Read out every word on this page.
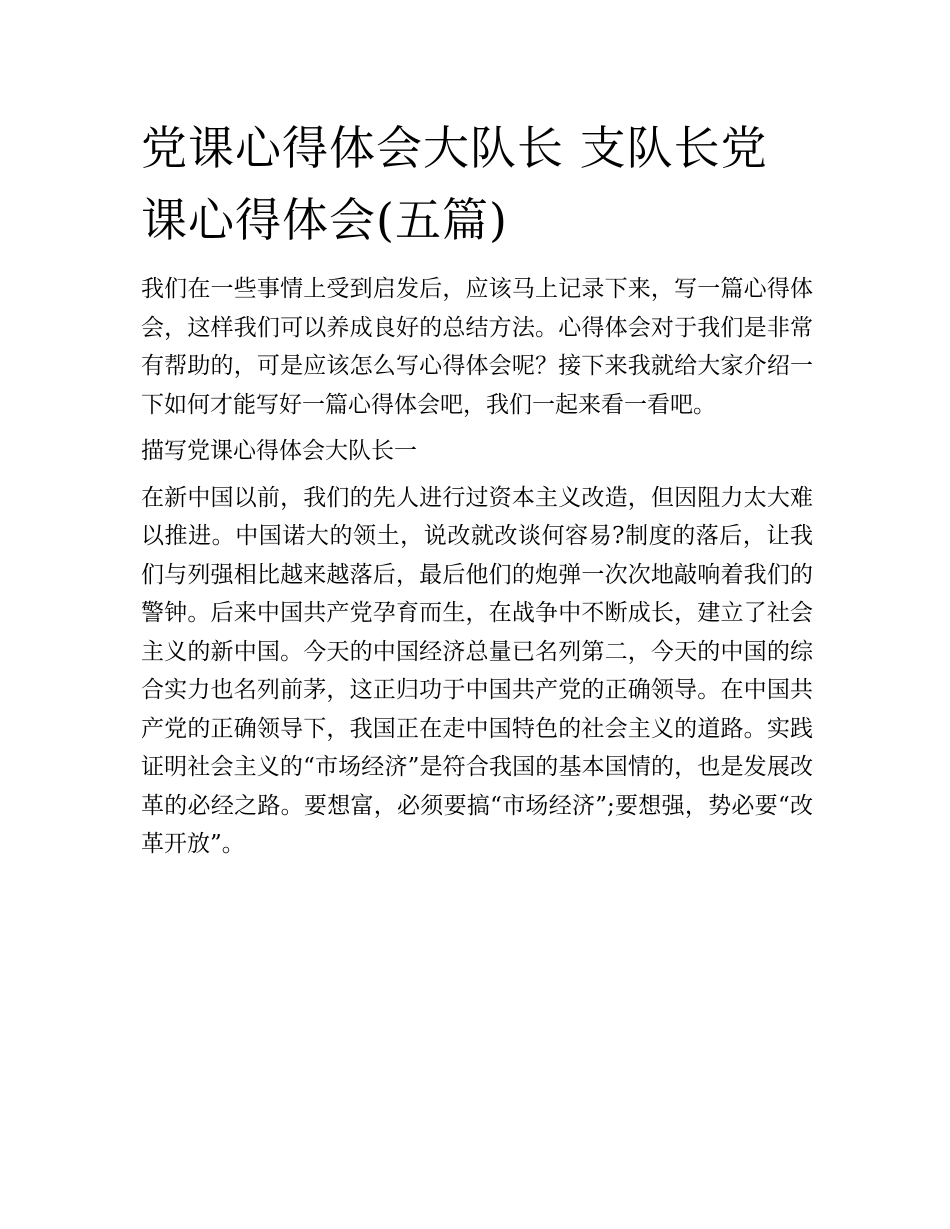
党课心得体会大队长 支队长党课心得体会(五篇)

我们在一些事情上受到启发后，应该马上记录下来，写一篇心得体会，这样我们可以养成良好的总结方法。心得体会对于我们是非常有帮助的，可是应该怎么写心得体会呢？接下来我就给大家介绍一下如何才能写好一篇心得体会吧，我们一起来看一看吧。

描写党课心得体会大队长一

在新中国以前，我们的先人进行过资本主义改造，但因阻力太大难以推进。中国诺大的领土，说改就改谈何容易?制度的落后，让我们与列强相比越来越落后，最后他们的炮弹一次次地敲响着我们的警钟。后来中国共产党孕育而生，在战争中不断成长，建立了社会主义的新中国。今天的中国经济总量已名列第二，今天的中国的综合实力也名列前茅，这正归功于中国共产党的正确领导。在中国共产党的正确领导下，我国正在走中国特色的社会主义的道路。实践证明社会主义的“市场经济”是符合我国的基本国情的，也是发展改革的必经之路。要想富，必须要搞“市场经济”;要想强，势必要“改革开放”。
